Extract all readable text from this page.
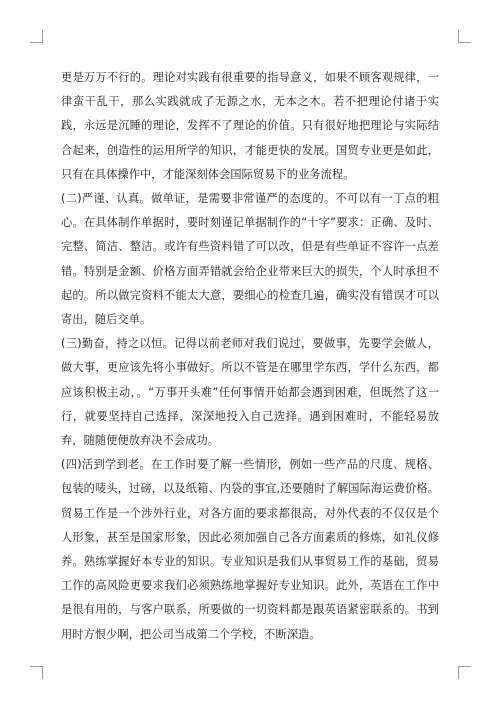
更是万万不行的。理论对实践有很重要的指导意义，如果不顾客观规律，一律蛮干乱干，那么实践就成了无源之水，无本之木。若不把理论付诸于实践，永远是沉睡的理论，发挥不了理论的价值。只有很好地把理论与实际结合起来，创造性的运用所学的知识，才能更快的发展。国贸专业更是如此，只有在具体操作中，才能深刻体会国际贸易下的业务流程。

(二)严谨、认真。做单证，是需要非常谨严的态度的。不可以有一丁点的粗心。在具体制作单据时，要时刻谨记单据制作的“十字”要求：正确、及时、完整、简洁、整洁。或许有些资料错了可以改，但是有些单证不容许一点差错。特别是金额、价格方面弄错就会给企业带来巨大的损失，个人时承担不起的。所以做完资料不能太大意，要细心的检查几遍，确实没有错误才可以寄出，随后交单。

(三)勤奋，持之以恒。记得以前老师对我们说过，要做事，先要学会做人，做大事，更应该先将小事做好。所以不管是在哪里学东西，学什么东西，都应该积极主动，。“万事开头难”任何事情开始都会遇到困难，但既然了这一行，就要坚持自己选择，深深地投入自己选择。遇到困难时，不能轻易放弃，随随便便放弃决不会成功。

(四)活到学到老。在工作时要了解一些情形，例如一些产品的尺度、规格、包装的唛头，过磅，以及纸箱、内袋的事宜,还要随时了解国际海运费价格。贸易工作是一个涉外行业，对各方面的要求都很高，对外代表的不仅仅是个人形象，甚至是国家形象，因此必须加强自己各方面素质的修炼，如礼仪修养。熟练掌握好本专业的知识。专业知识是我们从事贸易工作的基础，贸易工作的高风险更要求我们必须熟练地掌握好专业知识。此外，英语在工作中是很有用的，与客户联系，所要做的一切资料都是跟英语紧密联系的。书到用时方恨少啊，把公司当成第二个学校，不断深造。
